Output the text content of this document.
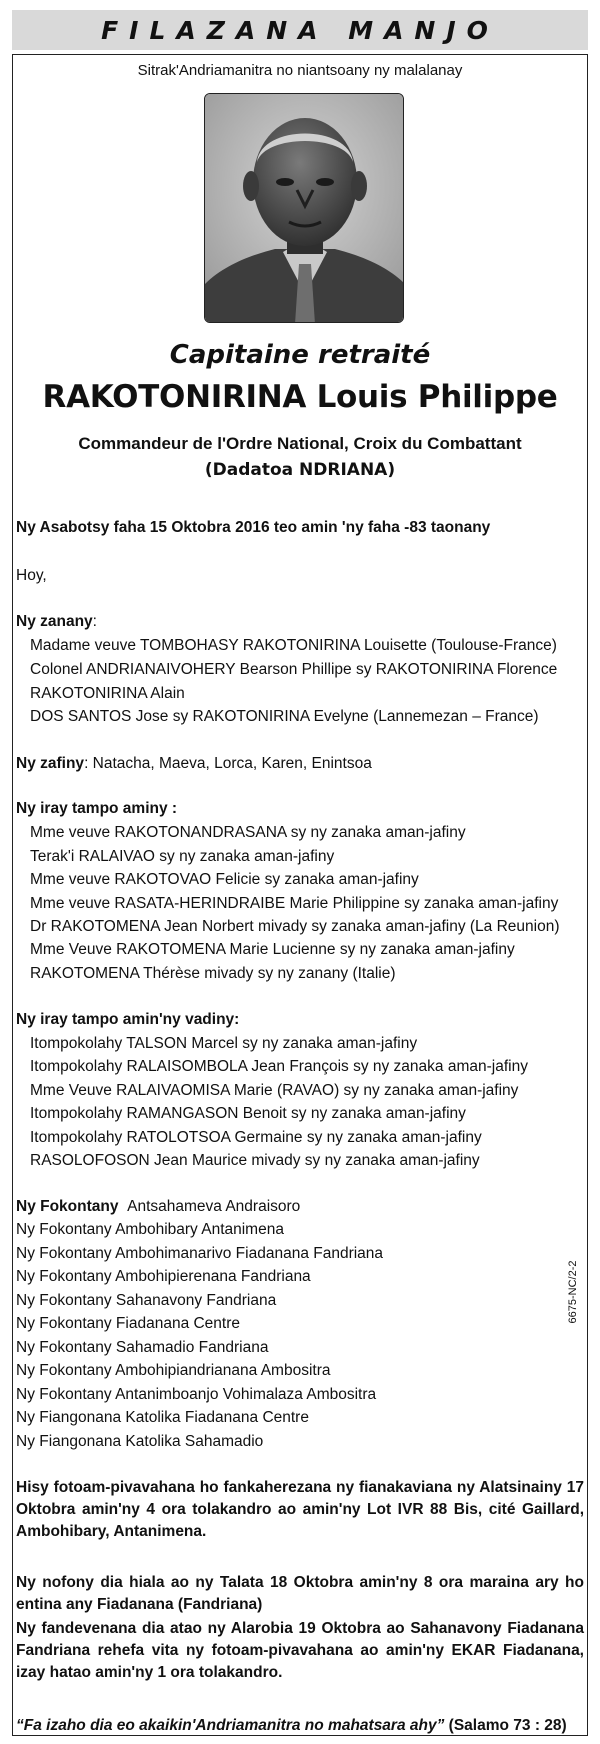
FILAZANA MANJO
Sitrak'Andriamanitra no niantsoany ny malalanay
Capitaine retraité
RAKOTONIRINA Louis Philippe
Commandeur de l'Ordre National, Croix du Combattant
(Dadatoa NDRIANA)
Ny Asabotsy faha 15 Oktobra 2016 teo amin 'ny faha -83 taonany
Hoy,
Ny zanany:
Madame veuve TOMBOHASY RAKOTONIRINA Louisette (Toulouse-France)
Colonel ANDRIANAIVOHERY Bearson Phillipe sy RAKOTONIRINA Florence
RAKOTONIRINA Alain
DOS SANTOS Jose sy RAKOTONIRINA Evelyne (Lannemezan – France)
Ny zafiny: Natacha, Maeva, Lorca, Karen, Enintsoa
Ny iray tampo aminy :
Mme veuve RAKOTONANDRASANA sy ny zanaka aman-jafiny
Terak'i RALAIVAO sy ny zanaka aman-jafiny
Mme veuve RAKOTOVAO Felicie sy zanaka aman-jafiny
Mme veuve RASATA-HERINDRAIBE Marie Philippine sy zanaka aman-jafiny
Dr RAKOTOMENA Jean Norbert mivady sy zanaka aman-jafiny (La Reunion)
Mme Veuve RAKOTOMENA Marie Lucienne sy ny zanaka aman-jafiny
RAKOTOMENA Thérèse mivady sy ny zanany (Italie)
Ny iray tampo amin'ny vadiny:
Itompokolahy TALSON Marcel sy ny zanaka aman-jafiny
Itompokolahy RALAISOMBOLA Jean François sy ny zanaka aman-jafiny
Mme Veuve RALAIVAOMISA Marie (RAVAO) sy ny zanaka aman-jafiny
Itompokolahy RAMANGASON Benoit sy ny zanaka aman-jafiny
Itompokolahy RATOLOTSOA Germaine sy ny zanaka aman-jafiny
RASOLOFOSON Jean Maurice mivady sy ny zanaka aman-jafiny
Ny Fokontany Antsahameva Andraisoro
Ny Fokontany Ambohibary Antanimena
Ny Fokontany Ambohimanarivo Fiadanana Fandriana
Ny Fokontany Ambohipierenana Fandriana
Ny Fokontany Sahanavony Fandriana
Ny Fokontany Fiadanana Centre
Ny Fokontany Sahamadio Fandriana
Ny Fokontany Ambohipiandrianana Ambositra
Ny Fokontany Antanimboanjo Vohimalaza Ambositra
Ny Fiangonana Katolika Fiadanana Centre
Ny Fiangonana Katolika Sahamadio
6675-NC/2-2
Hisy fotoam-pivavahana ho fankaherezana ny fianakaviana ny Alatsinainy 17 Oktobra amin'ny 4 ora tolakandro ao amin'ny Lot IVR 88 Bis, cité Gaillard, Ambohibary, Antanimena.
Ny nofony dia hiala ao ny Talata 18 Oktobra amin'ny 8 ora maraina ary ho entina any Fiadanana (Fandriana)
Ny fandevenana dia atao ny Alarobia 19 Oktobra ao Sahanavony Fiadanana Fandriana rehefa vita ny fotoam-pivavahana ao amin'ny EKAR Fiadanana, izay hatao amin'ny 1 ora tolakandro.
“Fa izaho dia eo akaikin'Andriamanitra no mahatsara ahy” (Salamo 73 : 28)
